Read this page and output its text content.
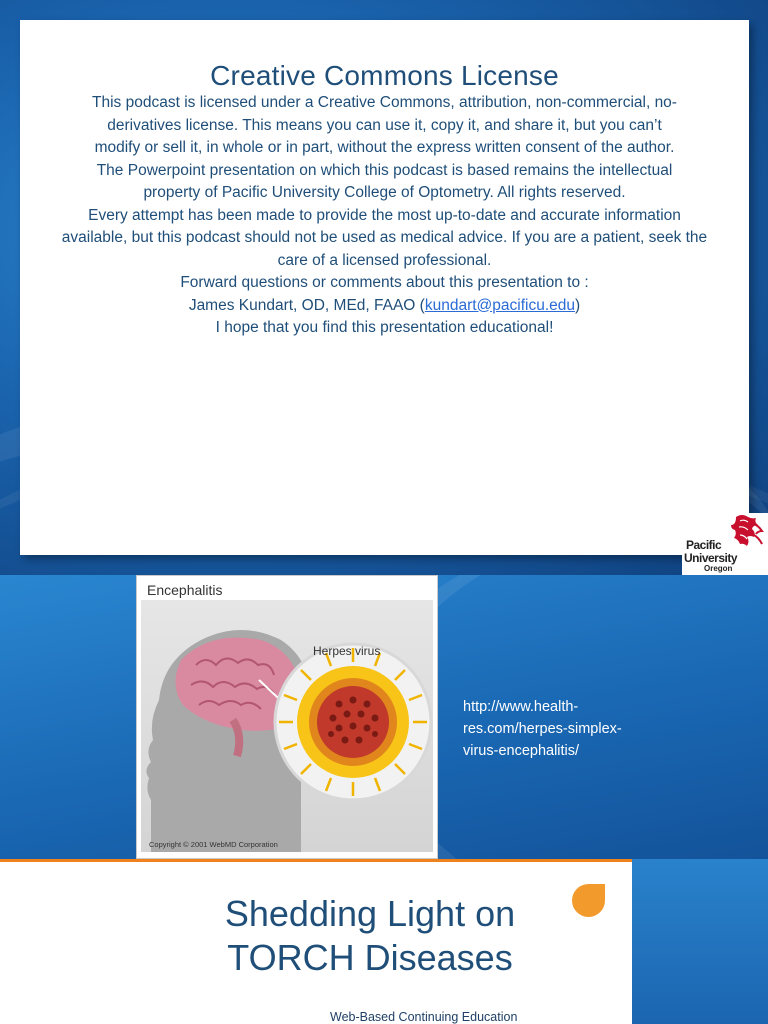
Creative Commons License

This podcast is licensed under a Creative Commons, attribution, non-commercial, no-derivatives license. This means you can use it, copy it, and share it, but you can’t modify or sell it, in whole or in part, without the express written consent of the author.

The Powerpoint presentation on which this podcast is based remains the intellectual property of Pacific University College of Optometry. All rights reserved.

Every attempt has been made to provide the most up-to-date and accurate information available, but this podcast should not be used as medical advice. If you are a patient, seek the care of a licensed professional.

Forward questions or comments about this presentation to :

James Kundart, OD, MEd, FAAO (kundart@pacificu.edu)

I hope that you find this presentation educational!

Pacific
University
Oregon
Encephalitis
Herpes virus
Copyright © 2001 WebMD Corporation
http://www.health-
res.com/herpes-simplex-
virus-encephalitis/
Shedding Light on
TORCH Diseases
Web-Based Continuing Education
